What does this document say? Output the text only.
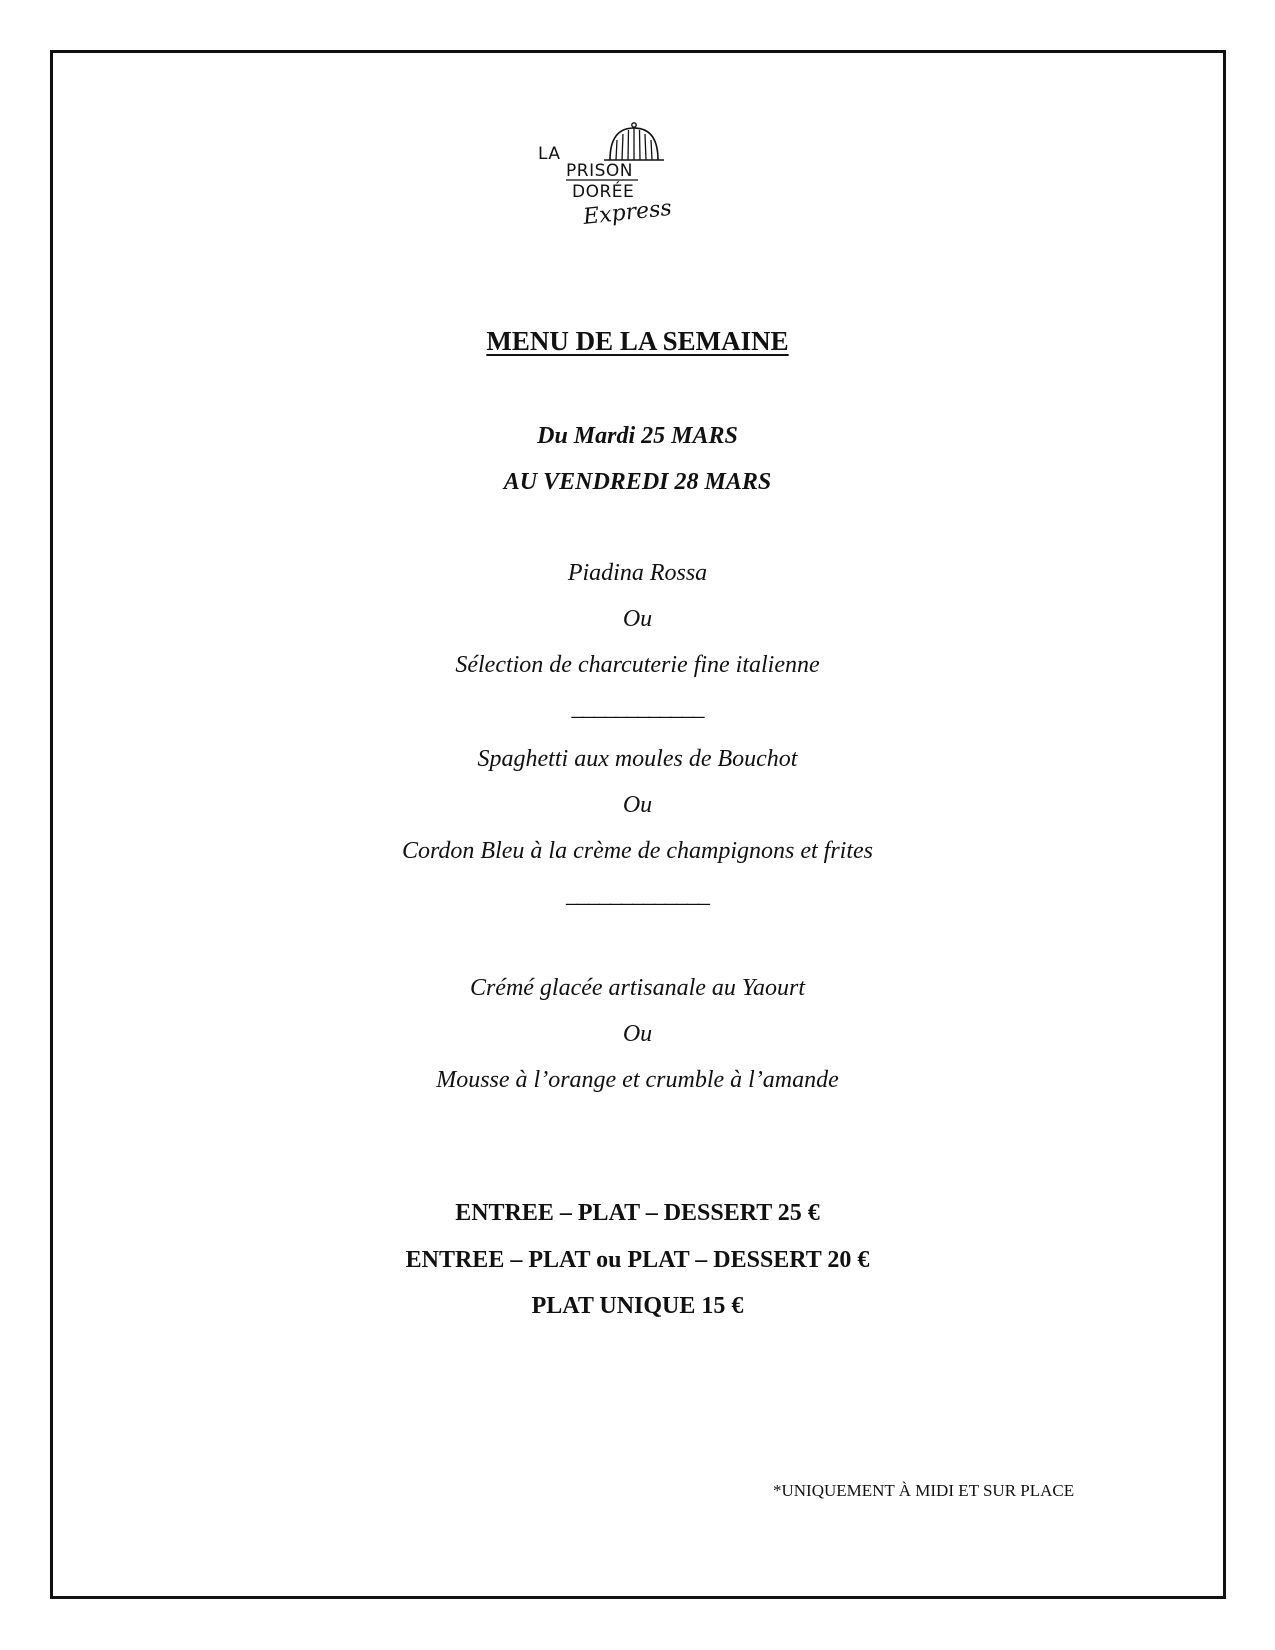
LA
PRISON
DORÉE
Express
MENU DE LA SEMAINE
Du Mardi 25 MARS
AU VENDREDI 28 MARS
Piadina Rossa
Ou
Sélection de charcuterie fine italienne
____________
Spaghetti aux moules de Bouchot
Ou
Cordon Bleu à la crème de champignons et frites
_____________
Crémé glacée artisanale au Yaourt
Ou
Mousse à l’orange et crumble à l’amande
ENTREE – PLAT – DESSERT 25 €
ENTREE – PLAT ou PLAT – DESSERT 20 €
PLAT UNIQUE 15 €
*UNIQUEMENT À MIDI ET SUR PLACE
